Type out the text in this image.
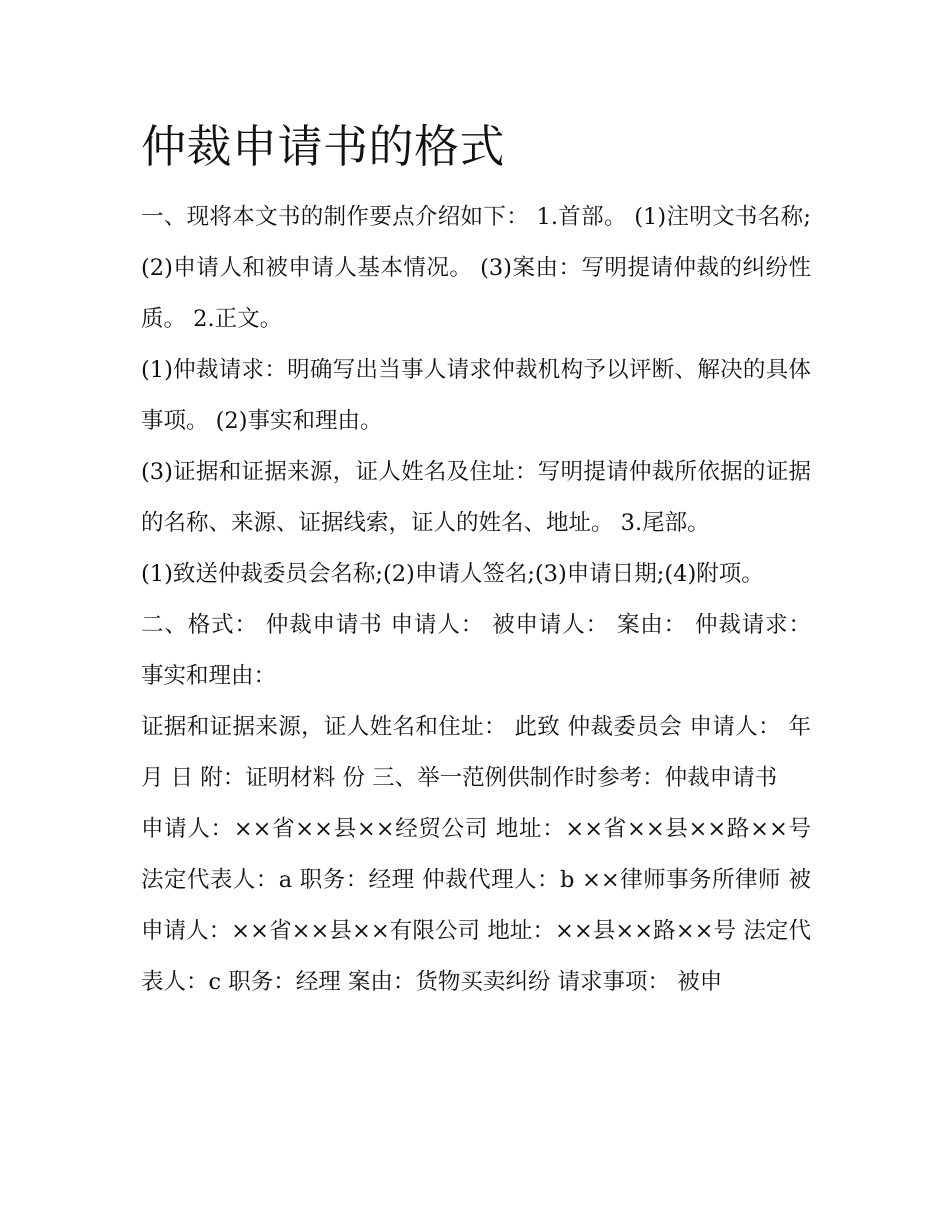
仲裁申请书的格式

一、现将本文书的制作要点介绍如下： 1.首部。 (1)注明文书名称; (2)申请人和被申请人基本情况。 (3)案由：写明提请仲裁的纠纷性质。 2.正文。

(1)仲裁请求：明确写出当事人请求仲裁机构予以评断、解决的具体事项。 (2)事实和理由。

(3)证据和证据来源，证人姓名及住址：写明提请仲裁所依据的证据的名称、来源、证据线索，证人的姓名、地址。 3.尾部。

(1)致送仲裁委员会名称;(2)申请人签名;(3)申请日期;(4)附项。

二、格式： 仲裁申请书 申请人： 被申请人： 案由： 仲裁请求： 事实和理由：

证据和证据来源，证人姓名和住址： 此致 仲裁委员会 申请人： 年 月 日 附：证明材料 份 三、举一范例供制作时参考：仲裁申请书

申请人：××省××县××经贸公司 地址：××省××县××路××号 法定代表人：a 职务：经理 仲裁代理人：b ××律师事务所律师 被申请人：××省××县××有限公司 地址：××县××路××号 法定代表人：c 职务：经理 案由：货物买卖纠纷 请求事项： 被申
